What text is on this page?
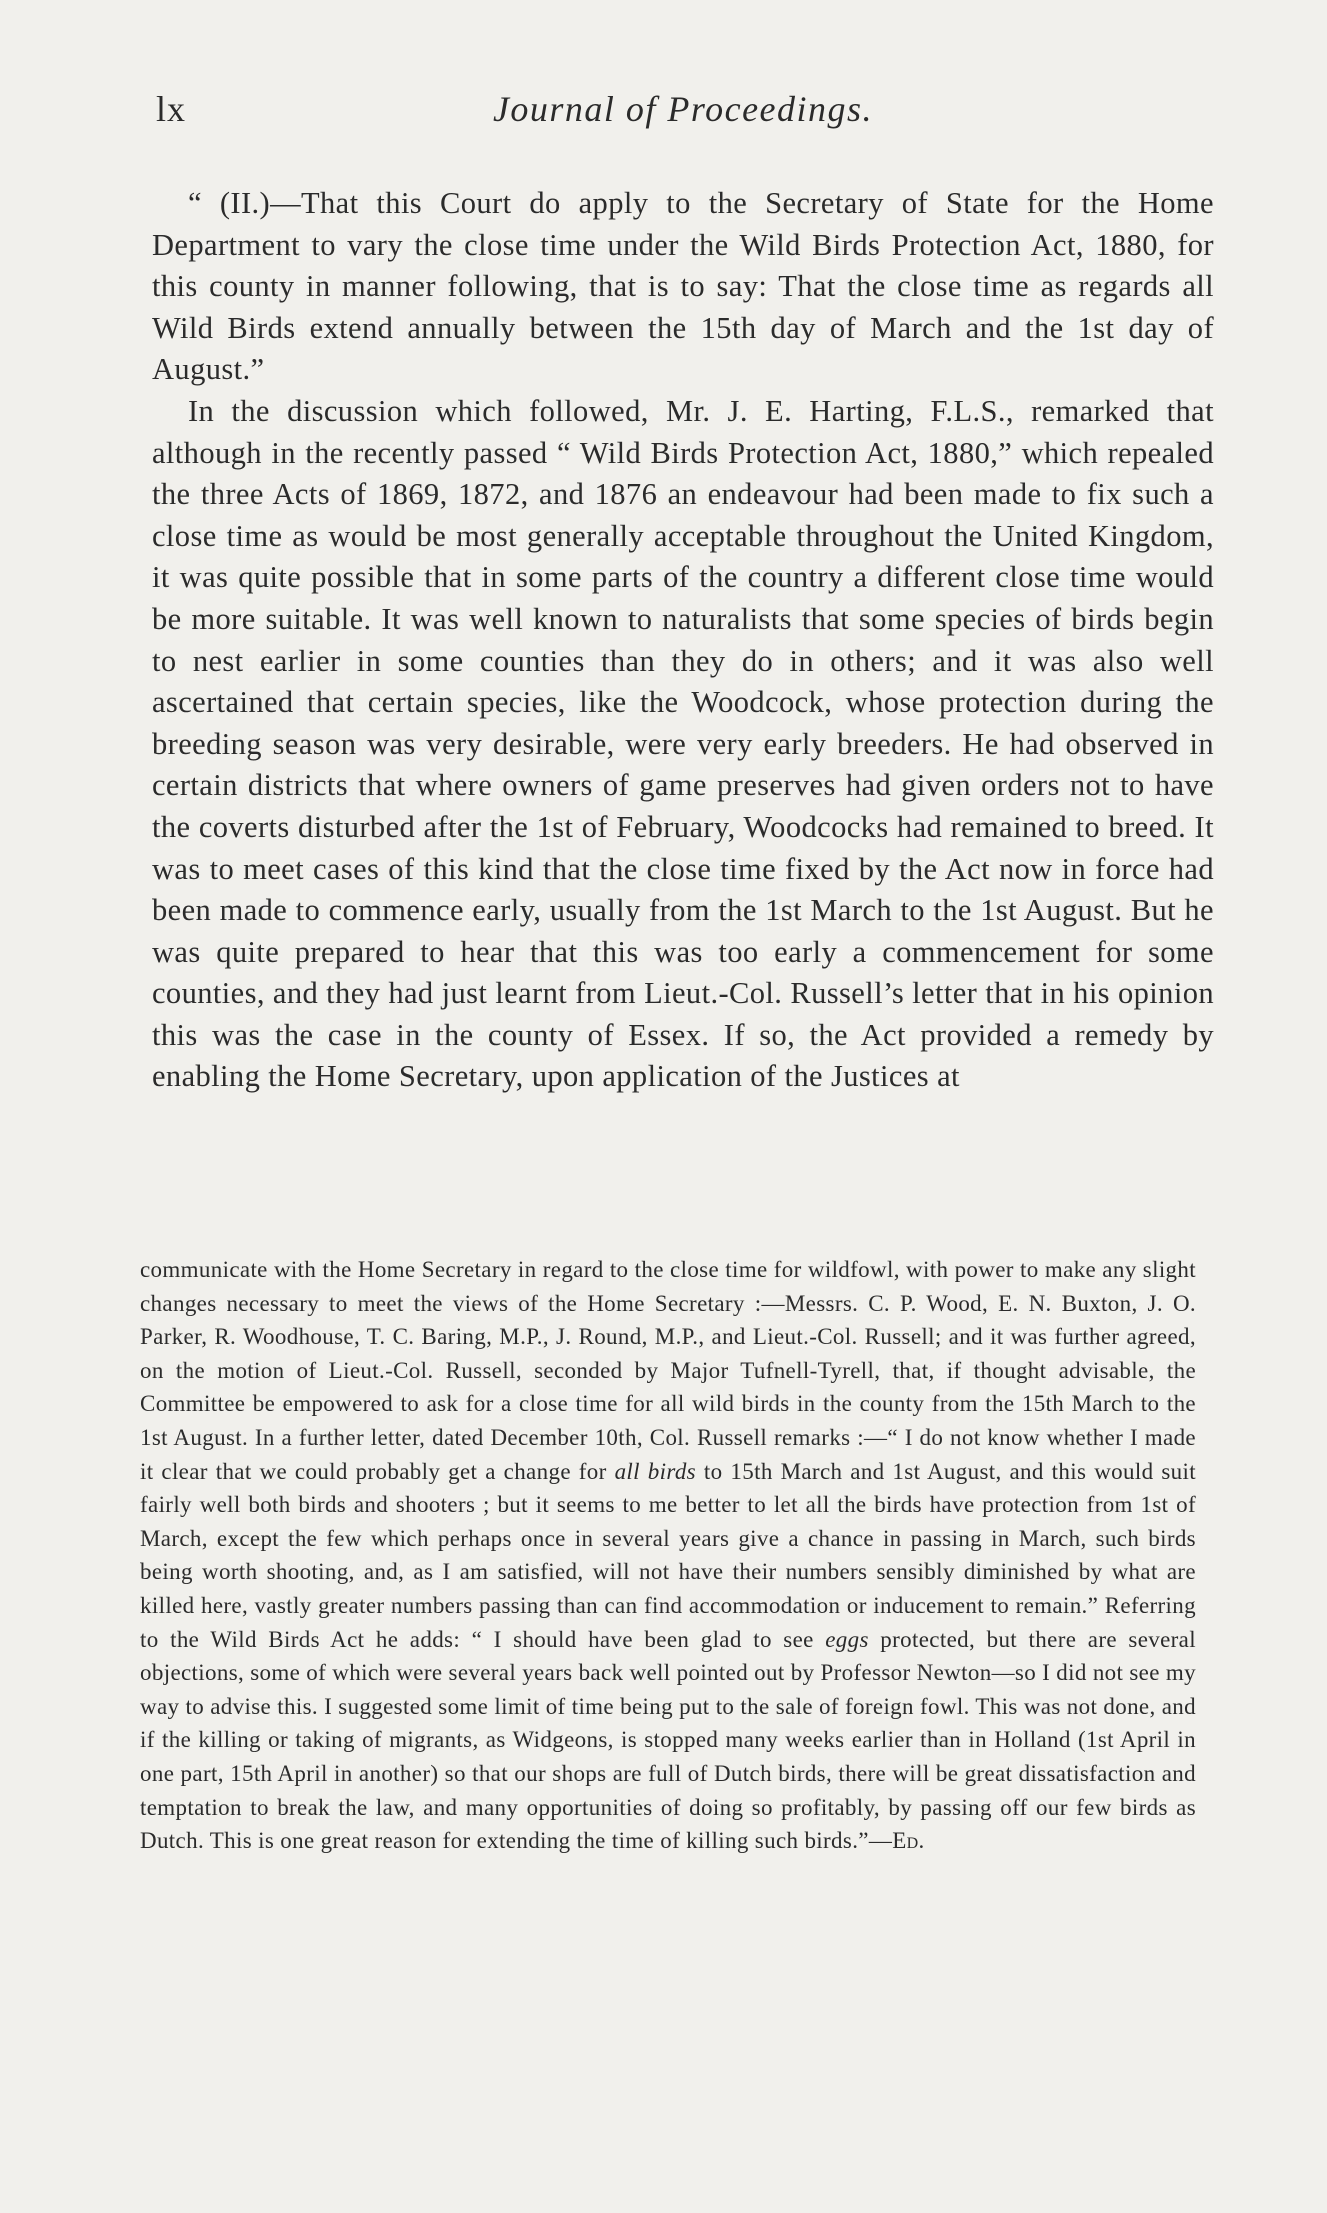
lx	Journal of Proceedings.

“ (II.)—That this Court do apply to the Secretary of State for the Home Department to vary the close time under the Wild Birds Protection Act, 1880, for this county in manner following, that is to say: That the close time as regards all Wild Birds extend annually between the 15th day of March and the 1st day of August.”

In the discussion which followed, Mr. J. E. Harting, F.L.S., remarked that although in the recently passed “ Wild Birds Protection Act, 1880,” which repealed the three Acts of 1869, 1872, and 1876 an endeavour had been made to fix such a close time as would be most generally acceptable throughout the United Kingdom, it was quite possible that in some parts of the country a different close time would be more suitable. It was well known to naturalists that some species of birds begin to nest earlier in some counties than they do in others; and it was also well ascertained that certain species, like the Woodcock, whose protection during the breeding season was very desirable, were very early breeders. He had observed in certain districts that where owners of game preserves had given orders not to have the coverts disturbed after the 1st of February, Woodcocks had remained to breed. It was to meet cases of this kind that the close time fixed by the Act now in force had been made to commence early, usually from the 1st March to the 1st August. But he was quite prepared to hear that this was too early a commencement for some counties, and they had just learnt from Lieut.-Col. Russell’s letter that in his opinion this was the case in the county of Essex. If so, the Act provided a remedy by enabling the Home Secretary, upon application of the Justices at

communicate with the Home Secretary in regard to the close time for wildfowl, with power to make any slight changes necessary to meet the views of the Home Secretary :—Messrs. C. P. Wood, E. N. Buxton, J. O. Parker, R. Woodhouse, T. C. Baring, M.P., J. Round, M.P., and Lieut.-Col. Russell; and it was further agreed, on the motion of Lieut.-Col. Russell, seconded by Major Tufnell-Tyrell, that, if thought advisable, the Committee be empowered to ask for a close time for all wild birds in the county from the 15th March to the 1st August. In a further letter, dated December 10th, Col. Russell remarks :—“ I do not know whether I made it clear that we could probably get a change for all birds to 15th March and 1st August, and this would suit fairly well both birds and shooters ; but it seems to me better to let all the birds have protection from 1st of March, except the few which perhaps once in several years give a chance in passing in March, such birds being worth shooting, and, as I am satisfied, will not have their numbers sensibly diminished by what are killed here, vastly greater numbers passing than can find accommodation or inducement to remain.” Referring to the Wild Birds Act he adds: “ I should have been glad to see eggs protected, but there are several objections, some of which were several years back well pointed out by Professor Newton—so I did not see my way to advise this. I suggested some limit of time being put to the sale of foreign fowl. This was not done, and if the killing or taking of migrants, as Widgeons, is stopped many weeks earlier than in Holland (1st April in one part, 15th April in another) so that our shops are full of Dutch birds, there will be great dissatisfaction and temptation to break the law, and many opportunities of doing so profitably, by passing off our few birds as Dutch. This is one great reason for extending the time of killing such birds.”—Ed.
